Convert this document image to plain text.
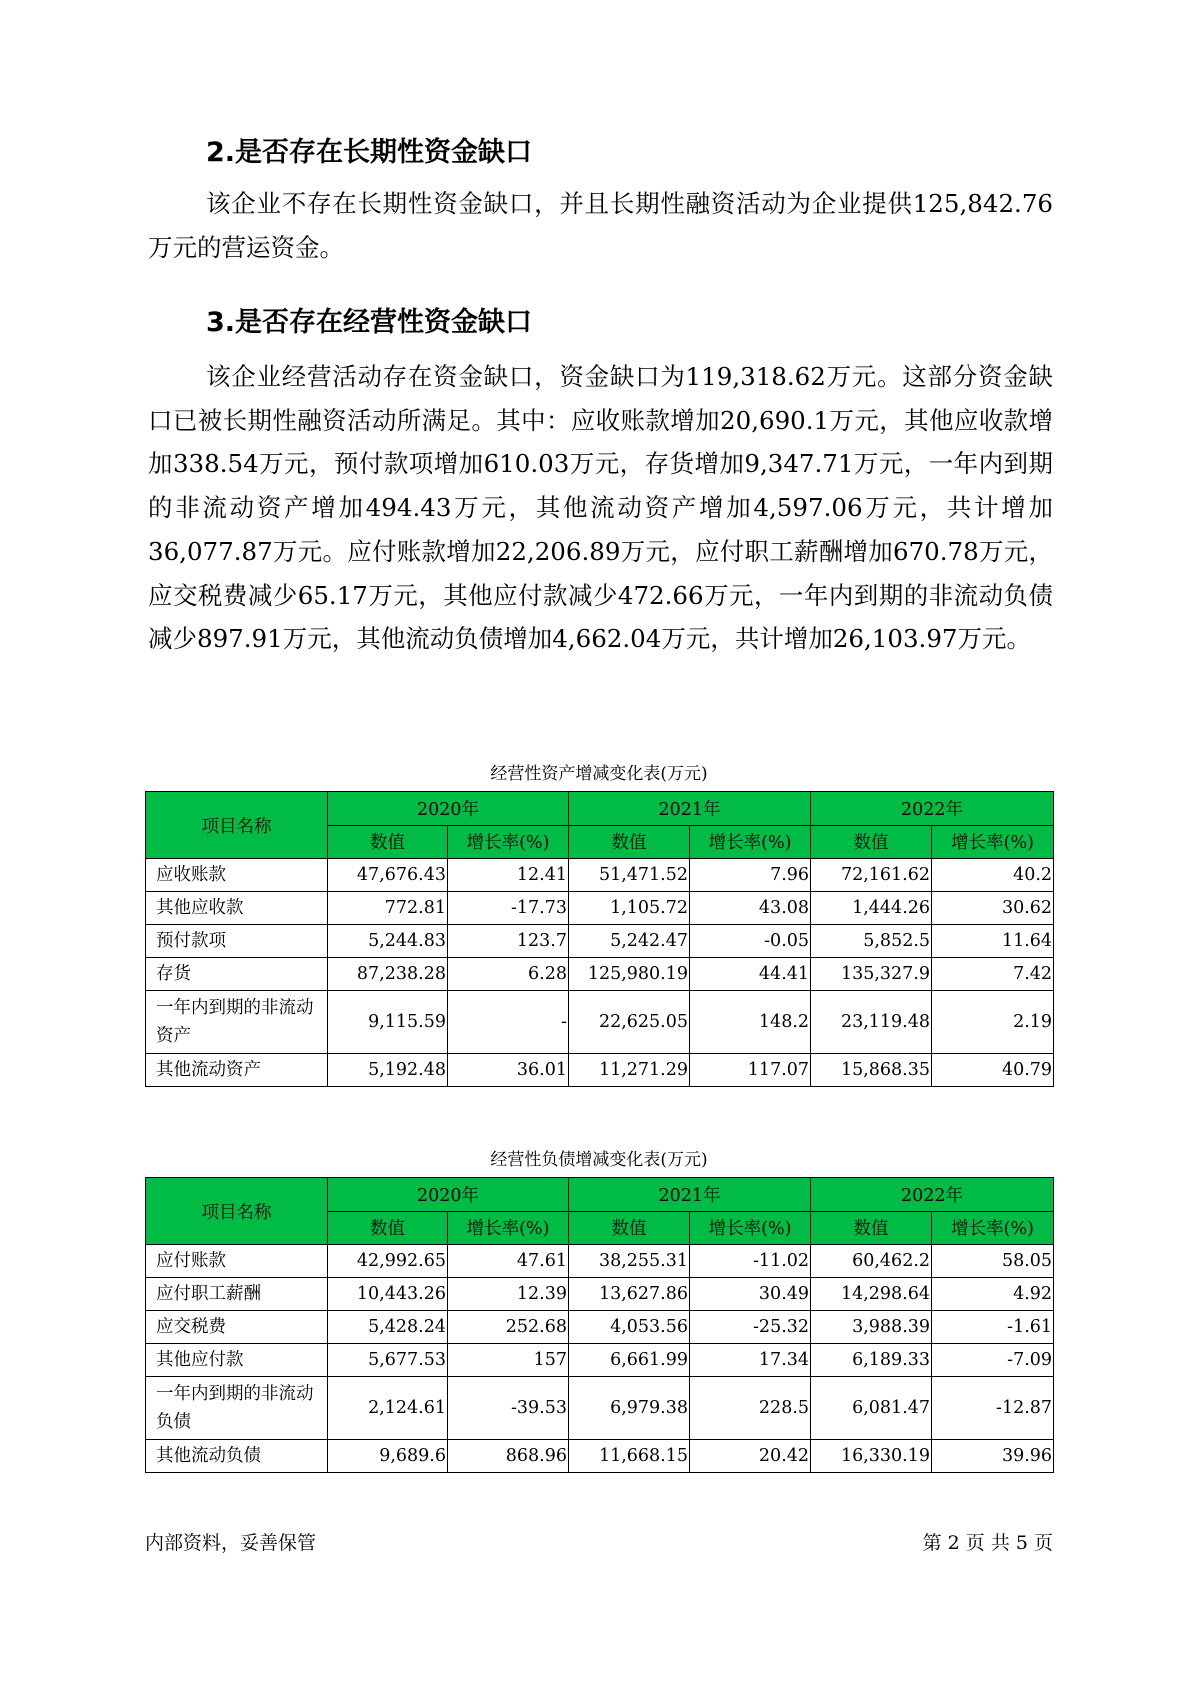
2.是否存在长期性资金缺口

该企业不存在长期性资金缺口，并且长期性融资活动为企业提供125,842.76万元的营运资金。

3.是否存在经营性资金缺口

该企业经营活动存在资金缺口，资金缺口为119,318.62万元。这部分资金缺口已被长期性融资活动所满足。其中：应收账款增加20,690.1万元，其他应收款增加338.54万元，预付款项增加610.03万元，存货增加9,347.71万元，一年内到期的非流动资产增加494.43万元，其他流动资产增加4,597.06万元，共计增加36,077.87万元。应付账款增加22,206.89万元，应付职工薪酬增加670.78万元，应交税费减少65.17万元，其他应付款减少472.66万元，一年内到期的非流动负债减少897.91万元，其他流动负债增加4,662.04万元，共计增加26,103.97万元。

经营性资产增减变化表(万元)

项目名称	2020年		2021年		2022年	
	数值	增长率(%)	数值	增长率(%)	数值	增长率(%)
应收账款	47,676.43	12.41	51,471.52	7.96	72,161.62	40.2
其他应收款	772.81	-17.73	1,105.72	43.08	1,444.26	30.62
预付款项	5,244.83	123.7	5,242.47	-0.05	5,852.5	11.64
存货	87,238.28	6.28	125,980.19	44.41	135,327.9	7.42
一年内到期的非流动资产	9,115.59	-	22,625.05	148.2	23,119.48	2.19
其他流动资产	5,192.48	36.01	11,271.29	117.07	15,868.35	40.79

经营性负债增减变化表(万元)

项目名称	2020年		2021年		2022年	
	数值	增长率(%)	数值	增长率(%)	数值	增长率(%)
应付账款	42,992.65	47.61	38,255.31	-11.02	60,462.2	58.05
应付职工薪酬	10,443.26	12.39	13,627.86	30.49	14,298.64	4.92
应交税费	5,428.24	252.68	4,053.56	-25.32	3,988.39	-1.61
其他应付款	5,677.53	157	6,661.99	17.34	6,189.33	-7.09
一年内到期的非流动负债	2,124.61	-39.53	6,979.38	228.5	6,081.47	-12.87
其他流动负债	9,689.6	868.96	11,668.15	20.42	16,330.19	39.96

内部资料，妥善保管	第 2 页 共 5 页
